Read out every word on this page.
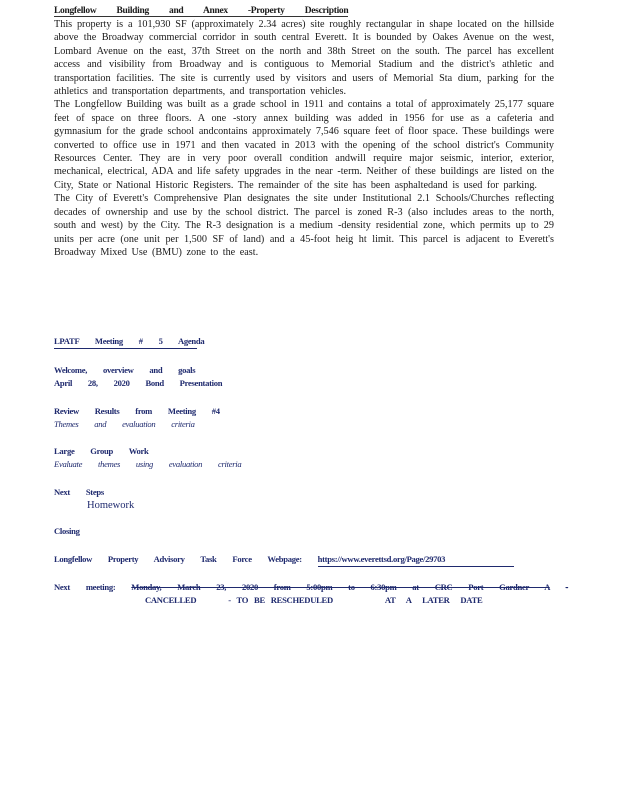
Longfellow Building and Annex -Property Description

This property is a 101,930 SF (approximately 2.34 acres) site roughly rectangular in shape located on the hillside above the Broadway commercial corridor in south central Everett. It is bounded by Oakes Avenue on the west, Lombard Avenue on the east, 37th Street on the north and 38th Street on the south. The parcel has excellent access and visibility from Broadway and is contiguous to Memorial Stadium and the district's athletic and transportation facilities. The site is currently used by visitors and users of Memorial Sta dium, parking for the athletics and transportation departments, and transportation vehicles.

The Longfellow Building was built as a grade school in 1911 and contains a total of approximately 25,177 square feet of space on three floors. A one -story annex building was added in 1956 for use as a cafeteria and gymnasium for the grade school andcontains approximately 7,546 square feet of floor space. These buildings were converted to office use in 1971 and then vacated in 2013 with the opening of the school district's Community Resources Center. They are in very poor overall condition andwill require major seismic, interior, exterior, mechanical, electrical, ADA and life safety upgrades in the near -term. Neither of these buildings are listed on the City, State or National Historic Registers. The remainder of the site has been asphaltedand is used for parking.

The City of Everett's Comprehensive Plan designates the site under Institutional 2.1 Schools/Churches reflecting decades of ownership and use by the school district. The parcel is zoned R-3 (also includes areas to the north, south and west) by the City. The R-3 designation is a medium -density residential zone, which permits up to 29 units per acre (one unit per 1,500 SF of land) and a 45-foot heig ht limit. This parcel is adjacent to Everett's Broadway Mixed Use (BMU) zone to the east.

LPATF Meeting # 5 Agenda
Welcome, overview and goals
April 28, 2020 Bond Presentation
Review Results from Meeting #4
Themes and evaluation criteria
Large Group Work
Evaluate themes using evaluation criteria
Next Steps
Homework
Closing
Longfellow Property Advisory Task Force Webpage: https://www.everettsd.org/Page/29703
Next meeting: Monday, March 23, 2020 from 5:00pm to 6:30pm at CRC Port Gardner A -
CANCELLED	- TO BE RESCHEDULED	AT A LATER DATE
